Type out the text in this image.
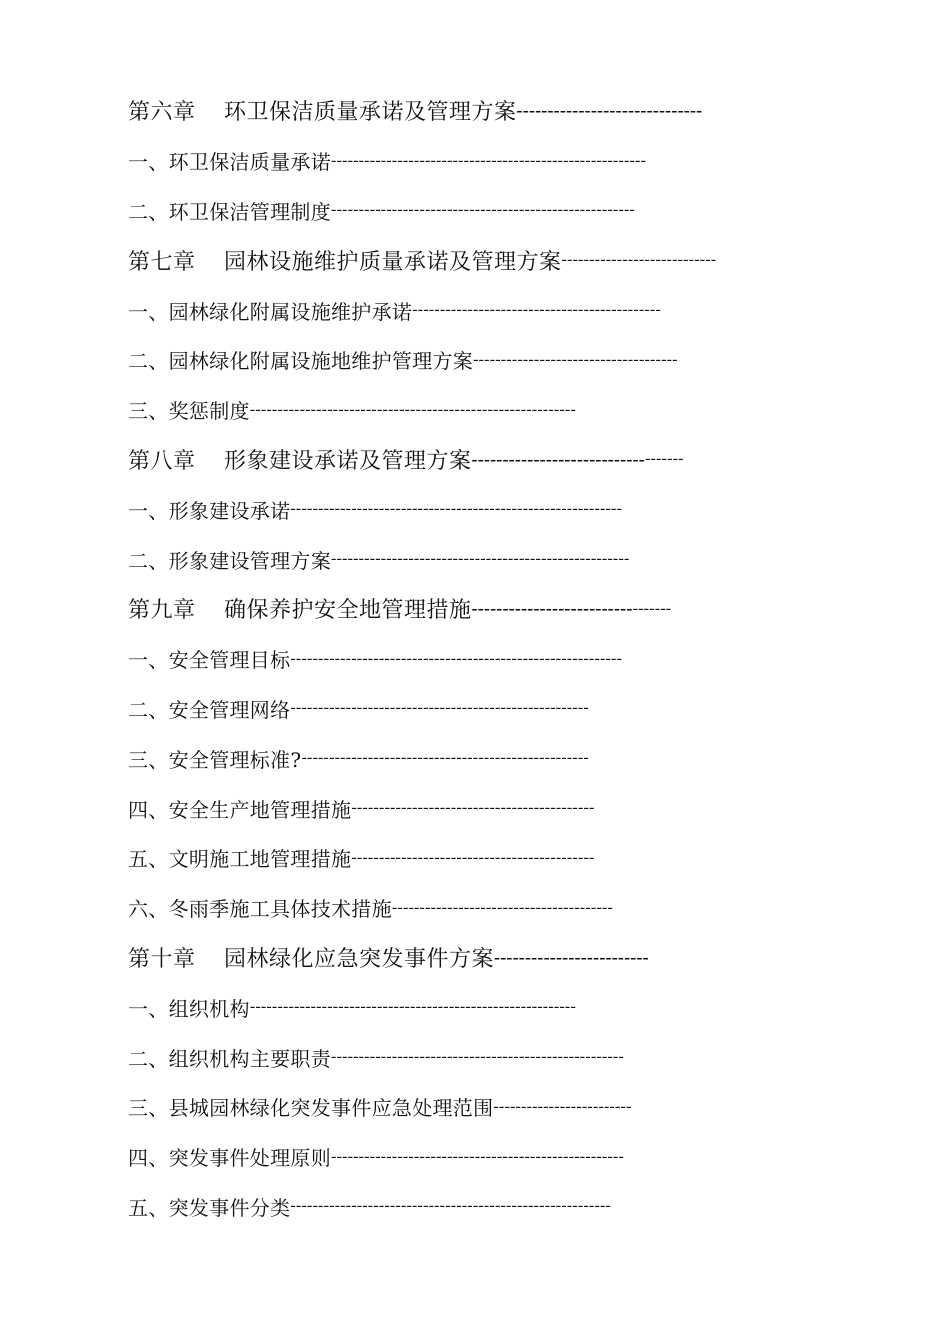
第六章 环卫保洁质量承诺及管理方案 ------------------------------
一、环卫保洁质量承诺 ---------------------------------------------------------
二、环卫保洁管理制度 -------------------------------------------------------
第七章 园林设施维护质量承诺及管理方案 ----------------------------
一、园林绿化附属设施维护承诺 ---------------------------------------------
二、园林绿化附属设施地维护管理方案 -------------------------------------
三、奖惩制度 -----------------------------------------------------------
第八章 形象建设承诺及管理方案 ---------------------------- -------
一、形象建设承诺 ------------------------------------------------------------
二、形象建设管理方案 ------------------------------------------------------
第九章 确保养护安全地管理措施 -------------------------- -------
一、安全管理目标 ------------------------------------------------------------
二、安全管理网络 ------------------------------------------------------
三、安全管理标准? ----------------------------------------------------
四、安全生产地管理措施 --------------------------------------------
五、文明施工地管理措施 --------------------------------------------
六、冬雨季施工具体技术措施 ----------------------------------------
第十章 园林绿化应急突发事件方案 -------------------------
一、组织机构 -----------------------------------------------------------
二、组织机构主要职责 -----------------------------------------------------
三、县城园林绿化突发事件应急处理范围 -------------------------
四、突发事件处理原则 -----------------------------------------------------
五、突发事件分类 ----------------------------------------------------------
